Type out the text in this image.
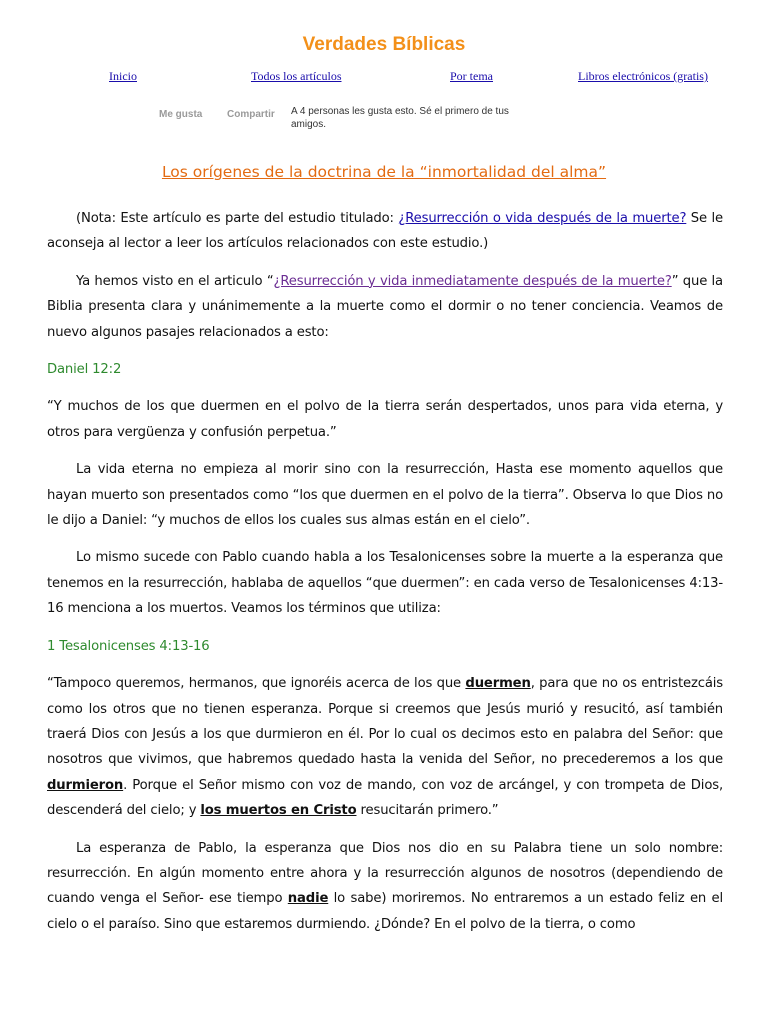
Verdades Bíblicas
Inicio	Todos los artículos	Por tema	Libros electrónicos (gratis)
Me gusta Compartir A 4 personas les gusta esto. Sé el primero de tus amigos.
Los orígenes de la doctrina de la “inmortalidad del alma”

(Nota: Este artículo es parte del estudio titulado: ¿Resurrección o vida después de la muerte? Se le aconseja al lector a leer los artículos relacionados con este estudio.)

Ya hemos visto en el articulo “¿Resurrección y vida inmediatamente después de la muerte?” que la Biblia presenta clara y unánimemente a la muerte como el dormir o no tener conciencia. Veamos de nuevo algunos pasajes relacionados a esto:

Daniel 12:2

“Y muchos de los que duermen en el polvo de la tierra serán despertados, unos para vida eterna, y otros para vergüenza y confusión perpetua.”

La vida eterna no empieza al morir sino con la resurrección, Hasta ese momento aquellos que hayan muerto son presentados como “los que duermen en el polvo de la tierra”. Observa lo que Dios no le dijo a Daniel: “y muchos de ellos los cuales sus almas están en el cielo”.

Lo mismo sucede con Pablo cuando habla a los Tesalonicenses sobre la muerte a la esperanza que tenemos en la resurrección, hablaba de aquellos “que duermen”: en cada verso de Tesalonicenses 4:13-16 menciona a los muertos. Veamos los términos que utiliza:

1 Tesalonicenses 4:13-16

“Tampoco queremos, hermanos, que ignoréis acerca de los que duermen, para que no os entristezcáis como los otros que no tienen esperanza. Porque si creemos que Jesús murió y resucitó, así también traerá Dios con Jesús a los que durmieron en él. Por lo cual os decimos esto en palabra del Señor: que nosotros que vivimos, que habremos quedado hasta la venida del Señor, no precederemos a los que durmieron. Porque el Señor mismo con voz de mando, con voz de arcángel, y con trompeta de Dios, descenderá del cielo; y los muertos en Cristo resucitarán primero.”

La esperanza de Pablo, la esperanza que Dios nos dio en su Palabra tiene un solo nombre: resurrección. En algún momento entre ahora y la resurrección algunos de nosotros (dependiendo de cuando venga el Señor- ese tiempo nadie lo sabe) moriremos. No entraremos a un estado feliz en el cielo o el paraíso. Sino que estaremos durmiendo. ¿Dónde? En el polvo de la tierra, o como
